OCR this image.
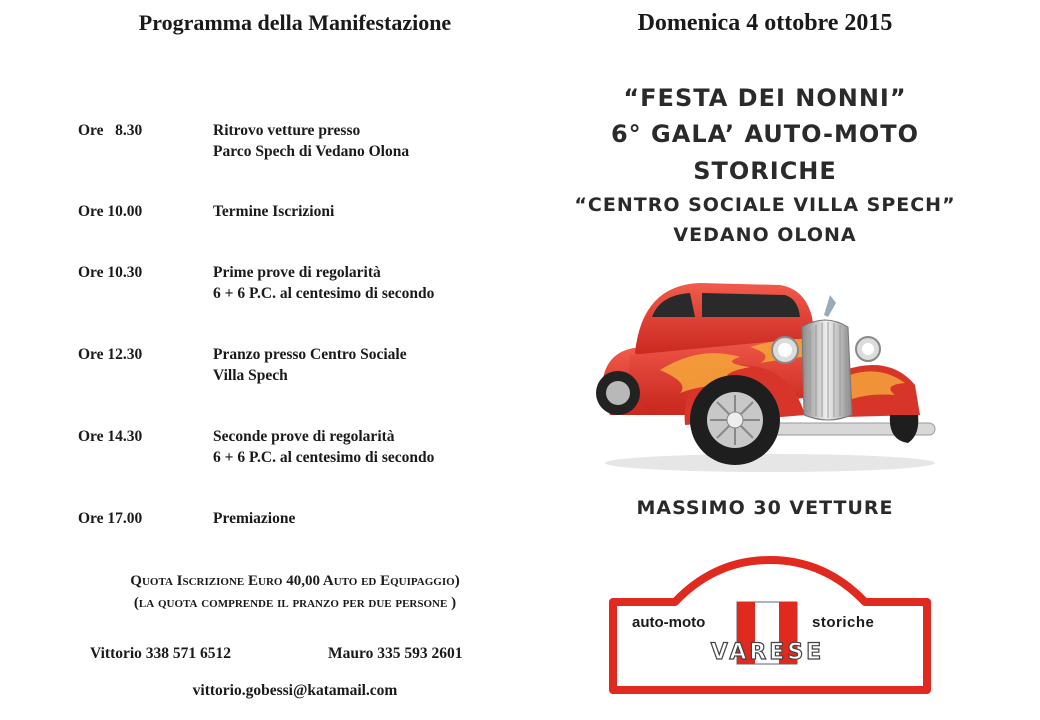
Programma della Manifestazione
Ore   8.30	Ritrovo vetture presso
Parco Spech di Vedano Olona
Ore 10.00	Termine Iscrizioni
Ore 10.30	Prime prove di regolarità
6 + 6 P.C. al centesimo di secondo
Ore 12.30	Pranzo presso Centro Sociale
Villa Spech
Ore 14.30	Seconde prove di regolarità
6 + 6 P.C. al centesimo di secondo
Ore 17.00	Premiazione
Quota Iscrizione Euro 40,00 Auto ed Equipaggio)
(la quota comprende il pranzo per due persone )
Vittorio 338 571 6512	Mauro 335 593 2601
vittorio.gobessi@katamail.com
Domenica 4 ottobre 2015
“FESTA DEI NONNI”
6° GALA’ AUTO-MOTO
STORICHE
“CENTRO SOCIALE VILLA SPECH”
VEDANO OLONA
MASSIMO 30 VETTURE
auto-moto	storiche
VARESE
